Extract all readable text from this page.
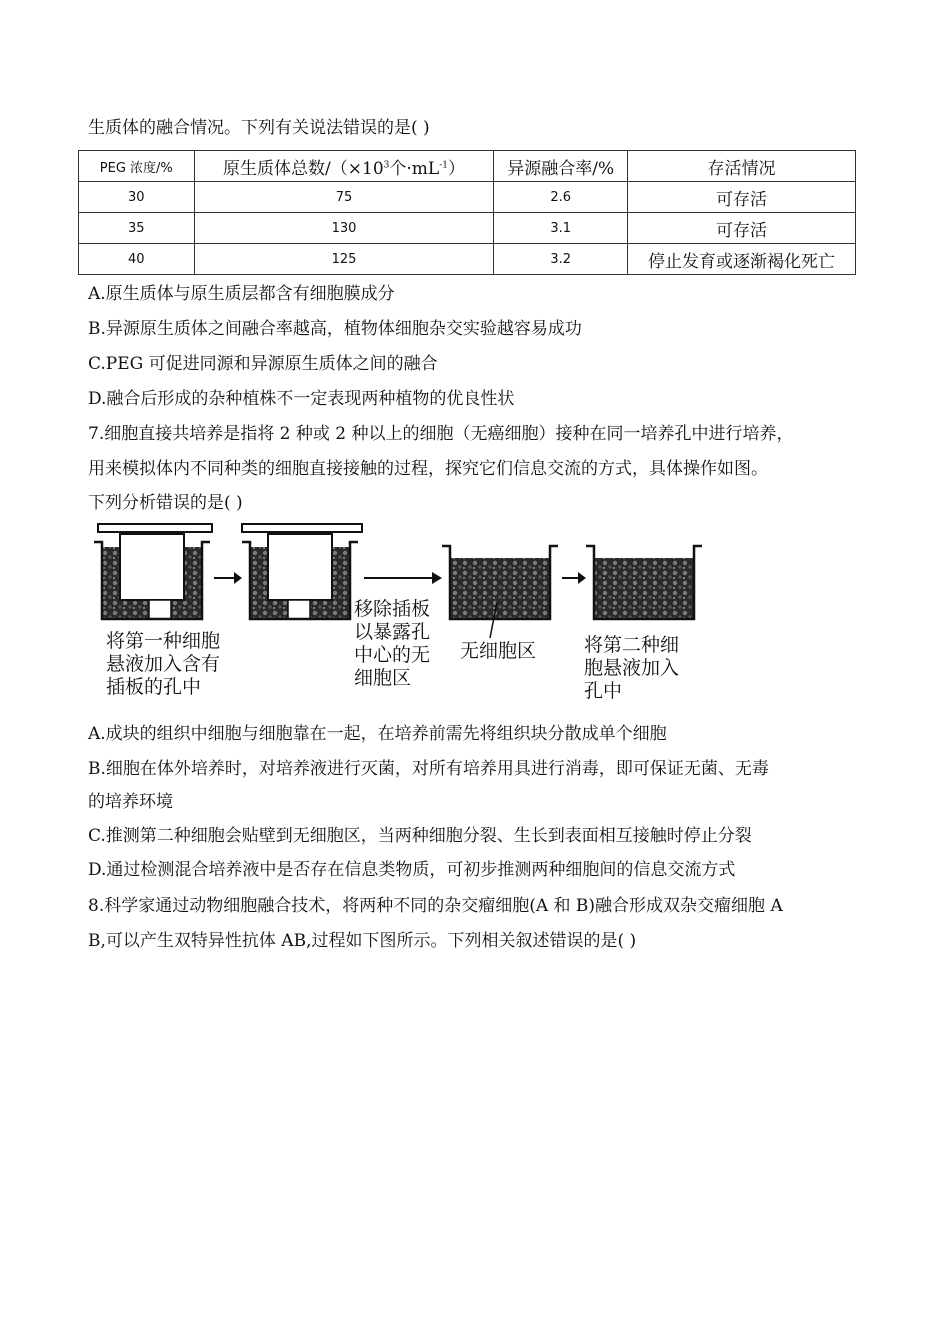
生质体的融合情况。下列有关说法错误的是( )
PEG 浓度/%	原生质体总数$/(\times 10^3$个$\cdot mL^{-1}$）	异源融合率/%	存活情况
30	75	2.6	可存活
35	130	3.1	可存活
40	125	3.2	停止发育或逐渐褐化死亡
A.原生质体与原生质层都含有细胞膜成分
B.异源原生质体之间融合率越高，植物体细胞杂交实验越容易成功
C.PEG 可促进同源和异源原生质体之间的融合
D.融合后形成的杂种植株不一定表现两种植物的优良性状
7.细胞直接共培养是指将 2 种或 2 种以上的细胞（无癌细胞）接种在同一培养孔中进行培养，
用来模拟体内不同种类的细胞直接接触的过程，探究它们信息交流的方式，具体操作如图。
下列分析错误的是( )
将第一种细胞
悬液加入含有
插板的孔中
移除插板
以暴露孔
中心的无
细胞区
无细胞区	将第二种细
胞悬液加入
孔中
A.成块的组织中细胞与细胞靠在一起，在培养前需先将组织块分散成单个细胞
B.细胞在体外培养时，对培养液进行灭菌，对所有培养用具进行消毒，即可保证无菌、无毒
的培养环境
C.推测第二种细胞会贴壁到无细胞区，当两种细胞分裂、生长到表面相互接触时停止分裂
D.通过检测混合培养液中是否存在信息类物质，可初步推测两种细胞间的信息交流方式
8.科学家通过动物细胞融合技术，将两种不同的杂交瘤细胞(A 和 B)融合形成双杂交瘤细胞 A
B,可以产生双特异性抗体 AB,过程如下图所示。下列相关叙述错误的是( )
